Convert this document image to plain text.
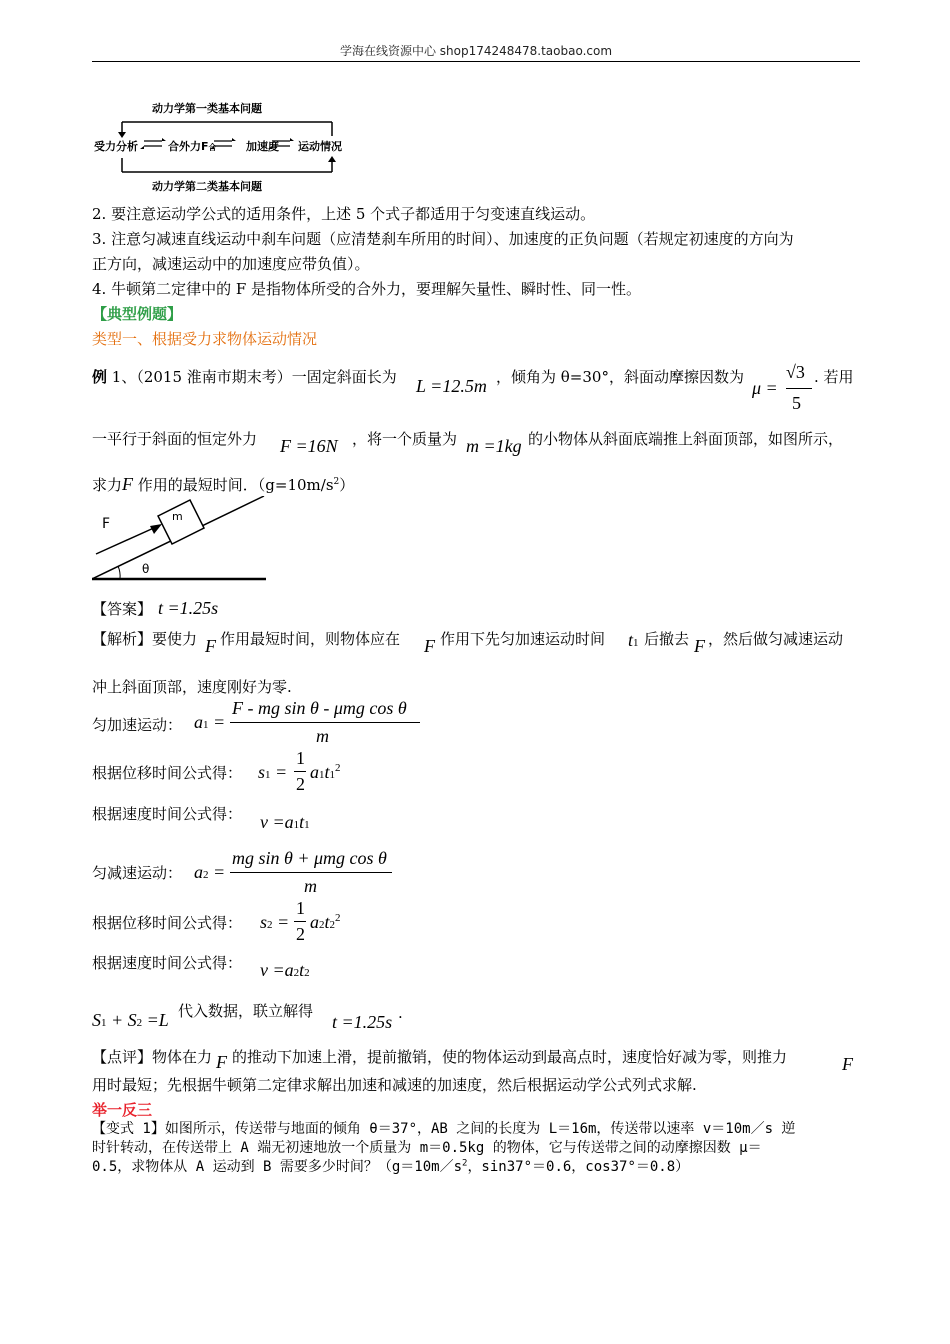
学海在线资源中心 shop174248478.taobao.com
动力学第一类基本问题
动力学第二类基本问题
受力分析	合外力F合	加速度 运动情况
2. 要注意运动学公式的适用条件，上述 5 个式子都适用于匀变速直线运动。
3. 注意匀减速直线运动中刹车问题（应清楚刹车所用的时间）、加速度的正负问题（若规定初速度的方向为
正方向，减速运动中的加速度应带负值）。
4. 牛顿第二定律中的 F 是指物体所受的合外力，要理解矢量性、瞬时性、同一性。
【典型例题】
类型一、根据受力求物体运动情况
例 1、（2015 淮南市期末考）一固定斜面长为 L =12.5m ，倾角为 θ=30°，斜面动摩擦因数为
μ =
√3
5
. 若用
一平行于斜面的恒定外力 F =16N ，将一个质量为 m =1kg 的小物体从斜面底端推上斜面顶部，如图所示，
求力F 作用的最短时间．$(g=10m/s^2)$
F	m
θ
【答案】 t =1.25s
【解析】要使力 F 作用最短时间，则物体应在 F 作用下先匀加速运动时间 t1 后撤去 F ，然后做匀减速运动
冲上斜面顶部，速度刚好为零.
匀加速运动： a1 =
F - mg sin θ - μmg cos θ
m
根据位移时间公式得： s1 =
1
2
$a1t1^2$
根据速度时间公式得： v =a1t1
匀减速运动： a2 =
mg sin θ + μmg cos θ
m
根据位移时间公式得： s2 =
1
2
$a2t2^2$
根据速度时间公式得： v =a2t2
S1 + S2 =L 代入数据，联立解得
t =1.25s .
【点评】物体在力 F 的推动下加速上滑，提前撤销，使的物体运动到最高点时，速度恰好减为零，则推力	F
用时最短；先根据牛顿第二定律求解出加速和减速的加速度，然后根据运动学公式列式求解.
举一反三
【变式 1】如图所示，传送带与地面的倾角 θ＝37°，AB 之间的长度为 L＝16m，传送带以速率 v＝10m／s 逆
时针转动，在传送带上 A 端无初速地放一个质量为 m＝0.5kg 的物体，它与传送带之间的动摩擦因数 μ＝
0.5，求物体从 A 运动到 B 需要多少时间？（$g=10m/s^2$，sin37°＝0.6，cos37°＝0.8）
